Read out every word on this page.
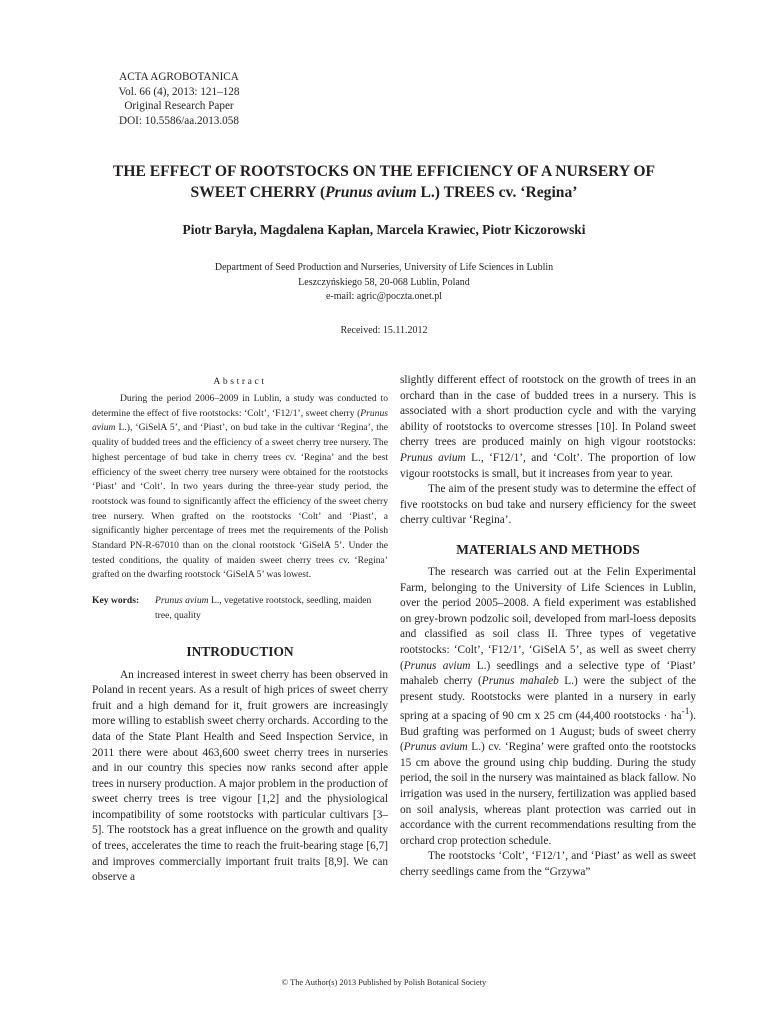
ACTA AGROBOTANICA
Vol. 66 (4), 2013: 121–128
Original Research Paper
DOI: 10.5586/aa.2013.058
THE EFFECT OF ROOTSTOCKS ON THE EFFICIENCY OF A NURSERY OF
SWEET CHERRY (Prunus avium L.) TREES cv. ‘Regina’
Piotr Baryła, Magdalena Kapłan, Marcela Krawiec, Piotr Kiczorowski
Department of Seed Production and Nurseries, University of Life Sciences in Lublin
Leszczyńskiego 58, 20-068 Lublin, Poland
e-mail: agric@poczta.onet.pl
Received: 15.11.2012
Abstract

During the period 2006–2009 in Lublin, a study was conducted to determine the effect of five rootstocks: ‘Colt’, ‘F12/1’, sweet cherry (Prunus avium L.), ‘GiSelA 5’, and ‘Piast’, on bud take in the cultivar ‘Regina’, the quality of budded trees and the efficiency of a sweet cherry tree nursery. The highest percentage of bud take in cherry trees cv. ‘Regina’ and the best efficiency of the sweet cherry tree nursery were obtained for the rootstocks ‘Piast’ and ‘Colt’. In two years during the three-year study period, the rootstock was found to significantly affect the efficiency of the sweet cherry tree nursery. When grafted on the rootstocks ‘Colt’ and ‘Piast’, a significantly higher percentage of trees met the requirements of the Polish Standard PN-R-67010 than on the clonal rootstock ‘GiSelA 5’. Under the tested conditions, the quality of maiden sweet cherry trees cv. ‘Regina’ grafted on the dwarfing rootstock ‘GiSelA 5’ was lowest.

Key words:	Prunus avium L., vegetative rootstock, seedling, maiden tree, quality
INTRODUCTION

An increased interest in sweet cherry has been observed in Poland in recent years. As a result of high prices of sweet cherry fruit and a high demand for it, fruit growers are increasingly more willing to establish sweet cherry orchards. According to the data of the State Plant Health and Seed Inspection Service, in 2011 there were about 463,600 sweet cherry trees in nurseries and in our country this species now ranks second after apple trees in nursery production. A major problem in the production of sweet cherry trees is tree vigour [1,2] and the physiological incompatibility of some rootstocks with particular cultivars [3–5]. The rootstock has a great influence on the growth and quality of trees, accelerates the time to reach the fruit-bearing stage [6,7] and improves commercially important fruit traits [8,9]. We can observe a

slightly different effect of rootstock on the growth of trees in an orchard than in the case of budded trees in a nursery. This is associated with a short production cycle and with the varying ability of rootstocks to overcome stresses [10]. In Poland sweet cherry trees are produced mainly on high vigour rootstocks: Prunus avium L., ‘F12/1’, and ‘Colt’. The proportion of low vigour rootstocks is small, but it increases from year to year.

The aim of the present study was to determine the effect of five rootstocks on bud take and nursery efficiency for the sweet cherry cultivar ‘Regina’.

MATERIALS AND METHODS

The research was carried out at the Felin Experimental Farm, belonging to the University of Life Sciences in Lublin, over the period 2005–2008. A field experiment was established on grey-brown podzolic soil, developed from marl-loess deposits and classified as soil class II. Three types of vegetative rootstocks: ‘Colt’, ‘F12/1’, ‘GiSelA 5’, as well as sweet cherry (Prunus avium L.) seedlings and a selective type of ‘Piast’ mahaleb cherry (Prunus mahaleb L.) were the subject of the present study. Rootstocks were planted in a nursery in early spring at a spacing of 90 cm x 25 cm (44,400 rootstocks · $ha^{-1}$). Bud grafting was performed on 1 August; buds of sweet cherry (Prunus avium L.) cv. ‘Regina’ were grafted onto the rootstocks 15 cm above the ground using chip budding. During the study period, the soil in the nursery was maintained as black fallow. No irrigation was used in the nursery, fertilization was applied based on soil analysis, whereas plant protection was carried out in accordance with the current recommendations resulting from the orchard crop protection schedule.

The rootstocks ‘Colt’, ‘F12/1’, and ‘Piast’ as well as sweet cherry seedlings came from the “Grzywa”

© The Author(s) 2013 Published by Polish Botanical Society
